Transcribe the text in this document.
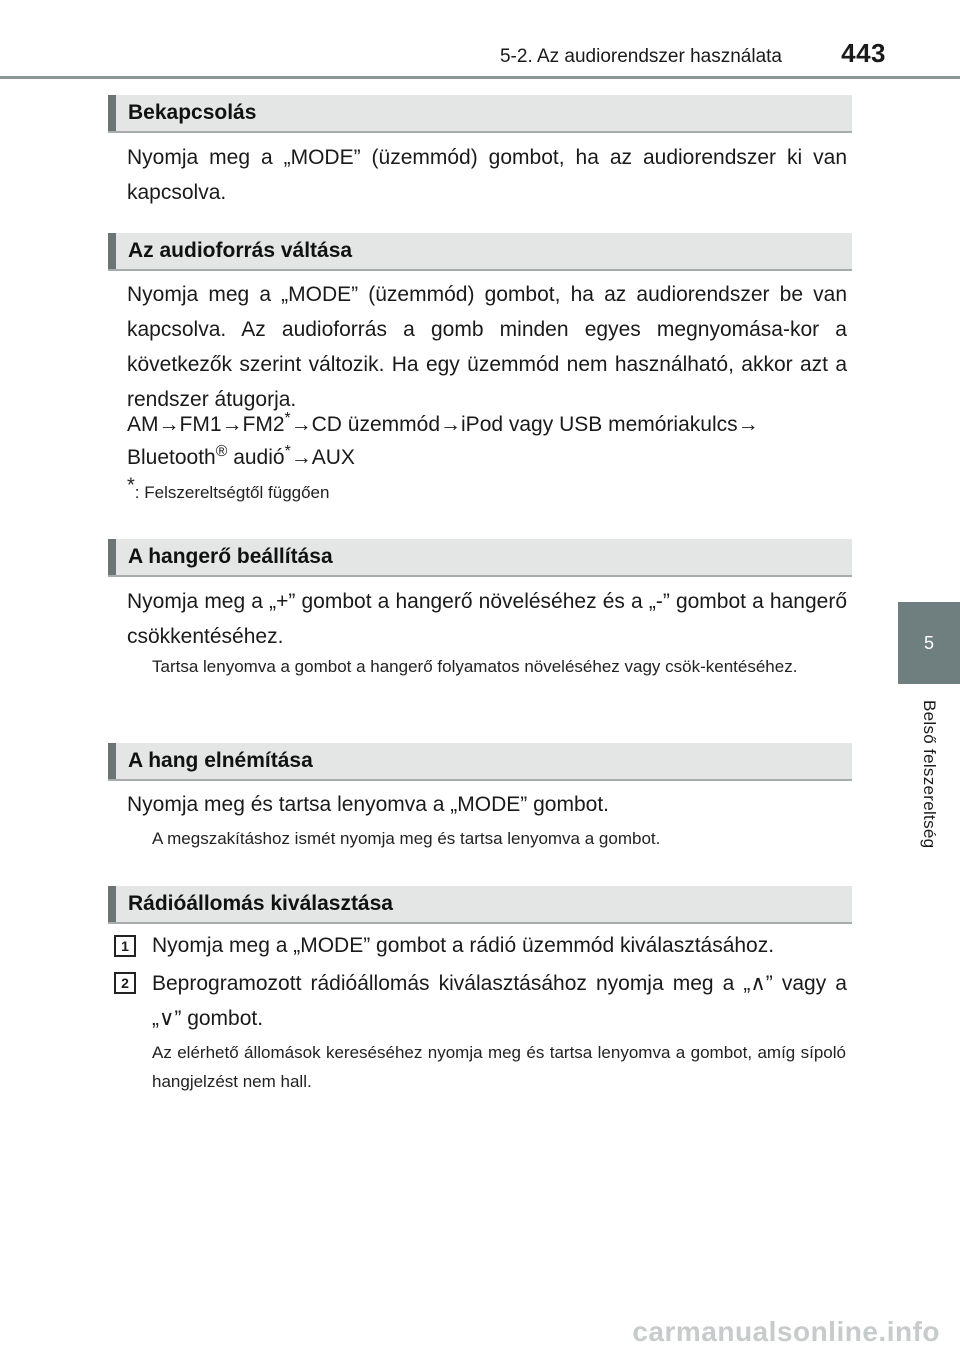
5-2. Az audiorendszer használata 443
5
Belső felszereltség
Bekapcsolás
Nyomja meg a „MODE” (üzemmód) gombot, ha az audiorendszer ki van kapcsolva.
Az audioforrás váltása
Nyomja meg a „MODE” (üzemmód) gombot, ha az audiorendszer be van kapcsolva. Az audioforrás a gomb minden egyes megnyomása-kor a következők szerint változik. Ha egy üzemmód nem használható, akkor azt a rendszer átugorja.
AM→FM1→FM2*→CD üzemmód→iPod vagy USB memóriakulcs→
Bluetooth® audió*→AUX
*: Felszereltségtől függően
A hangerő beállítása
Nyomja meg a „+” gombot a hangerő növeléséhez és a „-” gombot a hangerő csökkentéséhez.
Tartsa lenyomva a gombot a hangerő folyamatos növeléséhez vagy csök-kentéséhez.
A hang elnémítása
Nyomja meg és tartsa lenyomva a „MODE” gombot.
A megszakításhoz ismét nyomja meg és tartsa lenyomva a gombot.
Rádióállomás kiválasztása
1	Nyomja meg a „MODE” gombot a rádió üzemmód kiválasztásához.
2	Beprogramozott rádióállomás kiválasztásához nyomja meg a „∧” vagy a „∨” gombot.
Az elérhető állomások kereséséhez nyomja meg és tartsa lenyomva a gombot, amíg sípoló hangjelzést nem hall.
carmanualsonline.info
